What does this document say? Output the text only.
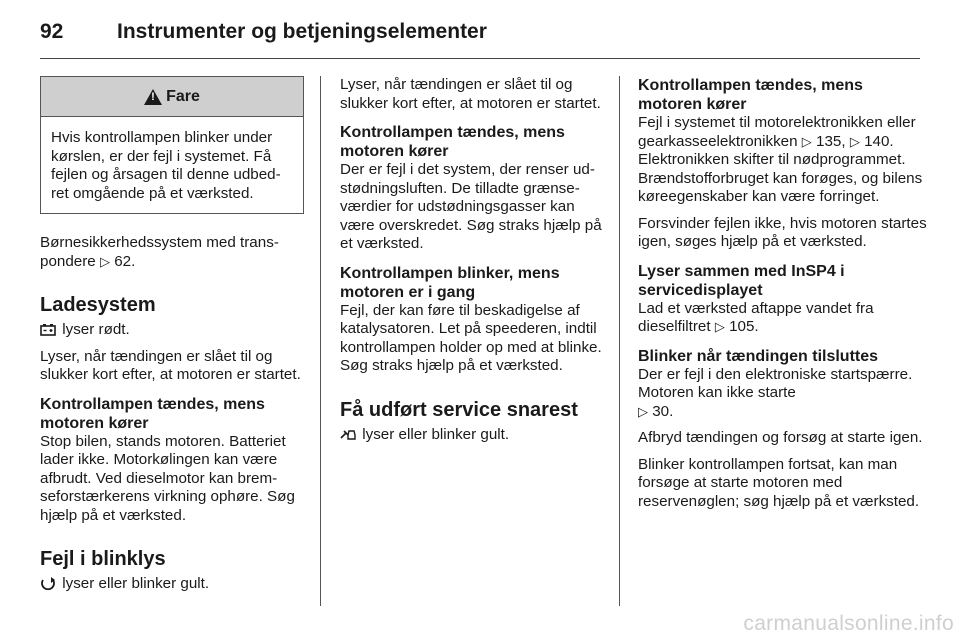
92	Instrumenter og betjeningselementer
!
Fare
Hvis kontrollampen blinker under kørslen, er der fejl i systemet. Få fejlen og årsagen til denne udbedret omgående på et værksted.
Børnesikkerhedssystem med transpondere ▷ 62.
Ladesystem
lyser rødt.
Lyser, når tændingen er slået til og slukker kort efter, at motoren er startet.
Kontrollampen tændes, mens motoren kører
Stop bilen, stands motoren. Batteriet lader ikke. Motorkølingen kan være afbrudt. Ved dieselmotor kan bremseforstærkerens virkning ophøre. Søg hjælp på et værksted.
Fejl i blinklys
lyser eller blinker gult.
Lyser, når tændingen er slået til og slukker kort efter, at motoren er startet.
Kontrollampen tændes, mens motoren kører
Der er fejl i det system, der renser udstødningsluften. De tilladte grænseværdier for udstødningsgasser kan være overskredet. Søg straks hjælp på et værksted.
Kontrollampen blinker, mens motoren er i gang
Fejl, der kan føre til beskadigelse af katalysatoren. Let på speederen, indtil kontrollampen holder op med at blinke. Søg straks hjælp på et værksted.
Få udført service snarest
lyser eller blinker gult.
Kontrollampen tændes, mens motoren kører
Fejl i systemet til motorelektronikken eller gearkasseelektronikken ▷ 135, ▷ 140. Elektronikken skifter til nødprogrammet. Brændstofforbruget kan forøges, og bilens køreegenskaber kan være forringet.
Forsvinder fejlen ikke, hvis motoren startes igen, søges hjælp på et værksted.
Lyser sammen med InSP4 i servicedisplayet
Lad et værksted aftappe vandet fra dieselfiltret ▷ 105.
Blinker når tændingen tilsluttes
Der er fejl i den elektroniske startspærre. Motoren kan ikke starte
▷ 30.
Afbryd tændingen og forsøg at starte igen.
Blinker kontrollampen fortsat, kan man forsøge at starte motoren med reservenøglen; søg hjælp på et værksted.
carmanualsonline.info
